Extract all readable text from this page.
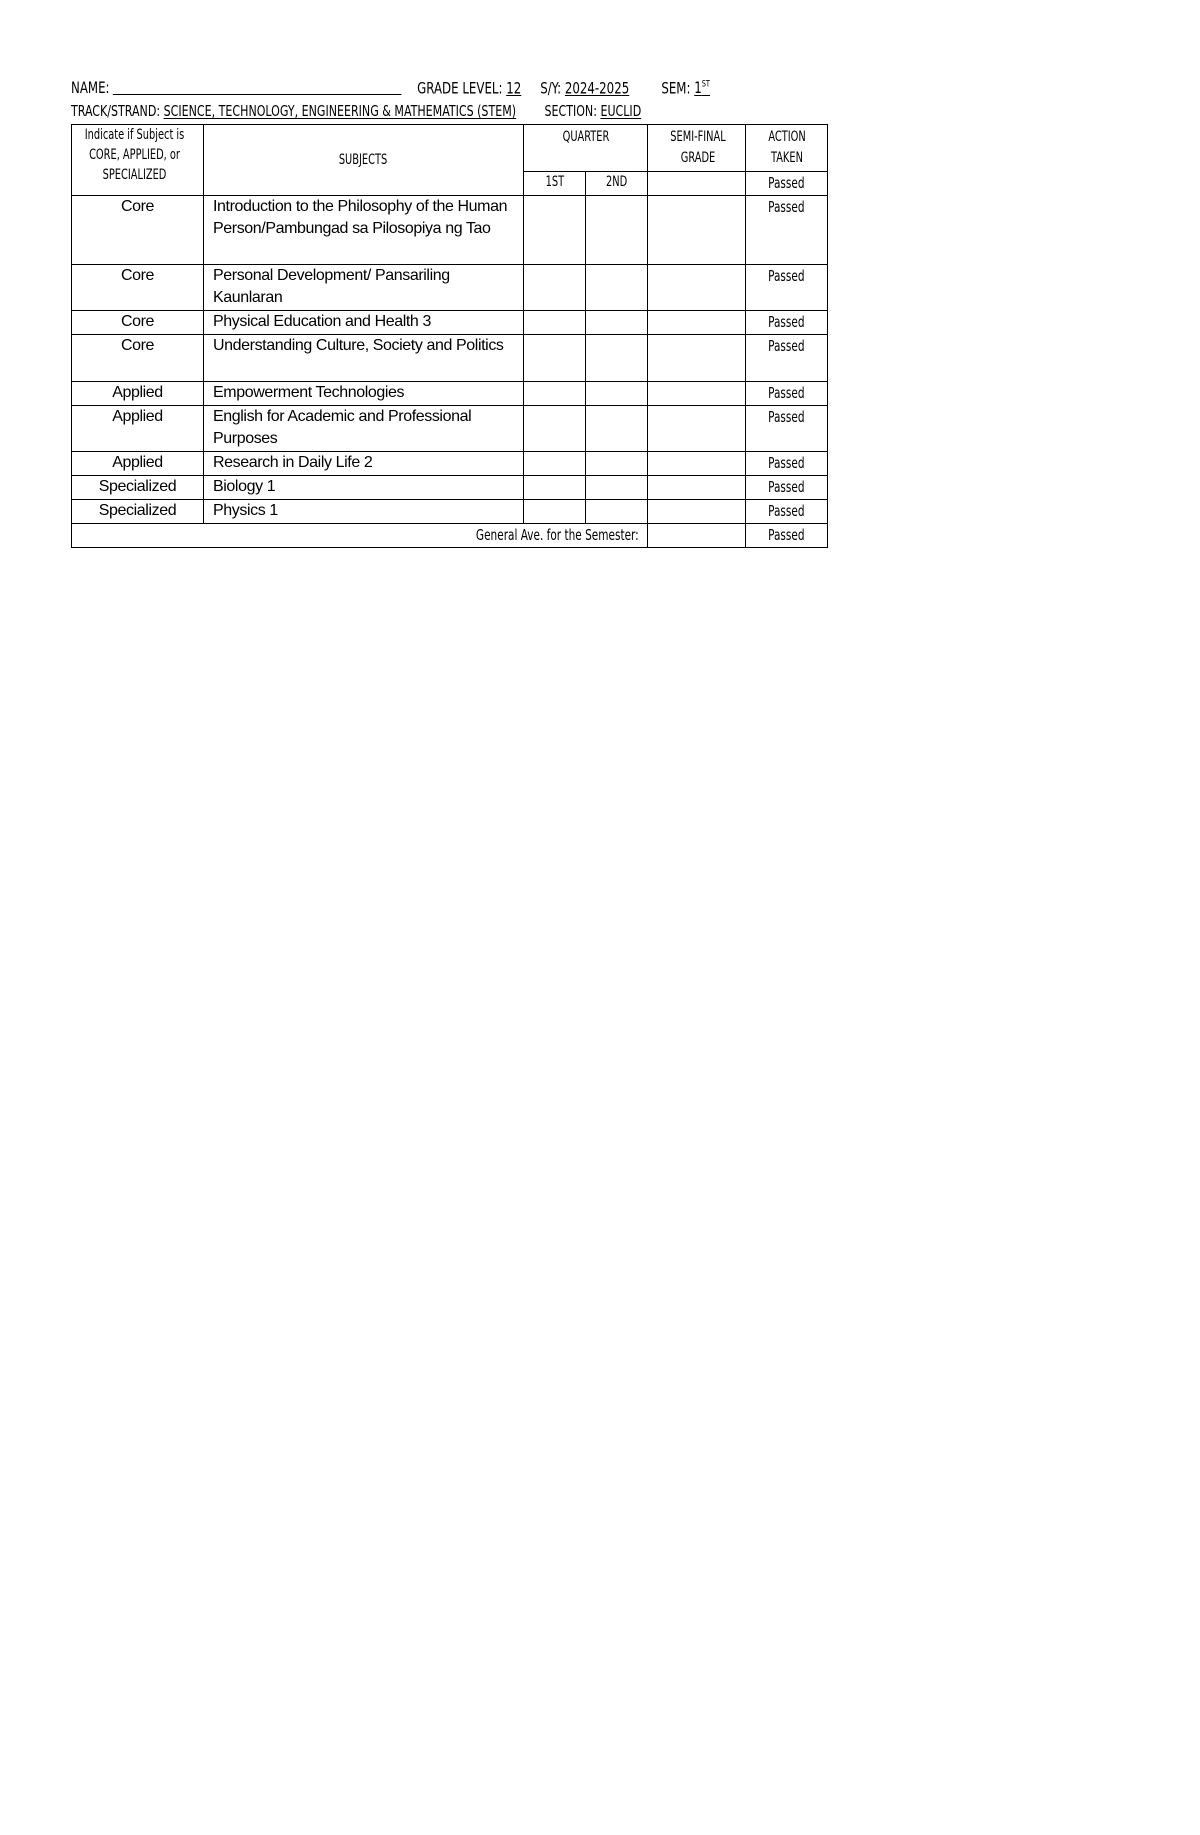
NAME:	GRADE LEVEL: 12 S/Y: 2024-2025 SEM: 1ST
TRACK/STRAND: SCIENCE, TECHNOLOGY, ENGINEERING & MATHEMATICS (STEM) SECTION: EUCLID
Indicate if Subject is CORE, APPLIED, or SPECIALIZED	SUBJECTS	QUARTER		SEMI-FINAL GRADE	ACTION TAKEN
		1ST	2ND		Passed
Core	Introduction to the Philosophy of the Human Person/Pambungad sa Pilosopiya ng Tao				Passed
Core	Personal Development/ Pansariling Kaunlaran				Passed
Core	Physical Education and Health 3				Passed
Core	Understanding Culture, Society and Politics				Passed
Applied	Empowerment Technologies				Passed
Applied	English for Academic and Professional Purposes				Passed
Applied	Research in Daily Life 2				Passed
Specialized	Biology 1				Passed
Specialized	Physics 1				Passed
General Ave. for the Semester:					Passed
